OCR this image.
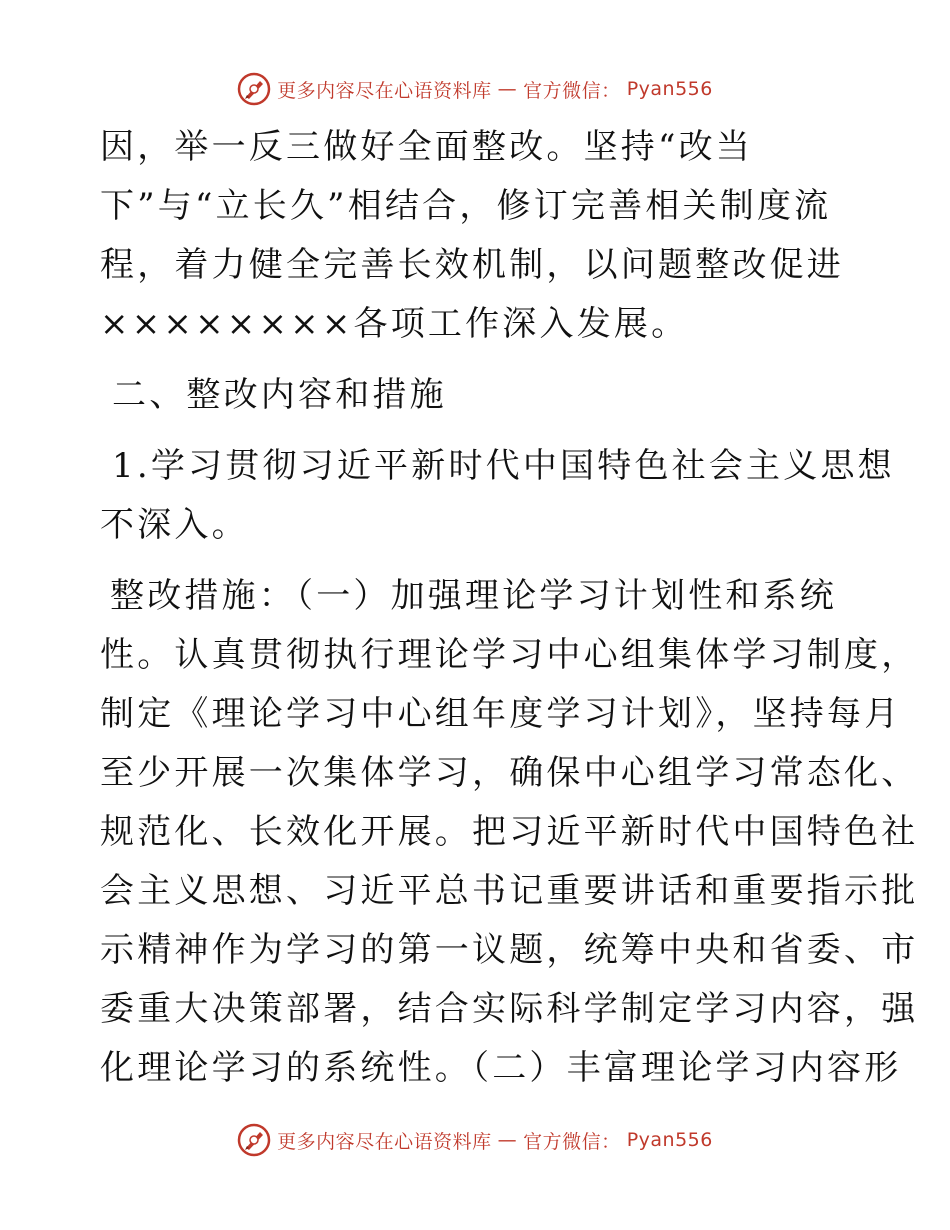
更多内容尽在心语资料库 — 官方微信： Pyan556
因，举一反三做好全面整改。坚持“改当
下”与“立长久”相结合，修订完善相关制度流
程，着力健全完善长效机制，以问题整改促进
××××××××各项工作深入发展。
二、整改内容和措施
1.学习贯彻习近平新时代中国特色社会主义思想
不深入。
整改措施：（一）加强理论学习计划性和系统
性。认真贯彻执行理论学习中心组集体学习制度，
制定《理论学习中心组年度学习计划》，坚持每月
至少开展一次集体学习，确保中心组学习常态化、
规范化、长效化开展。把习近平新时代中国特色社
会主义思想、习近平总书记重要讲话和重要指示批
示精神作为学习的第一议题，统筹中央和省委、市
委重大决策部署，结合实际科学制定学习内容，强
化理论学习的系统性。（二）丰富理论学习内容形
更多内容尽在心语资料库 — 官方微信： Pyan556
